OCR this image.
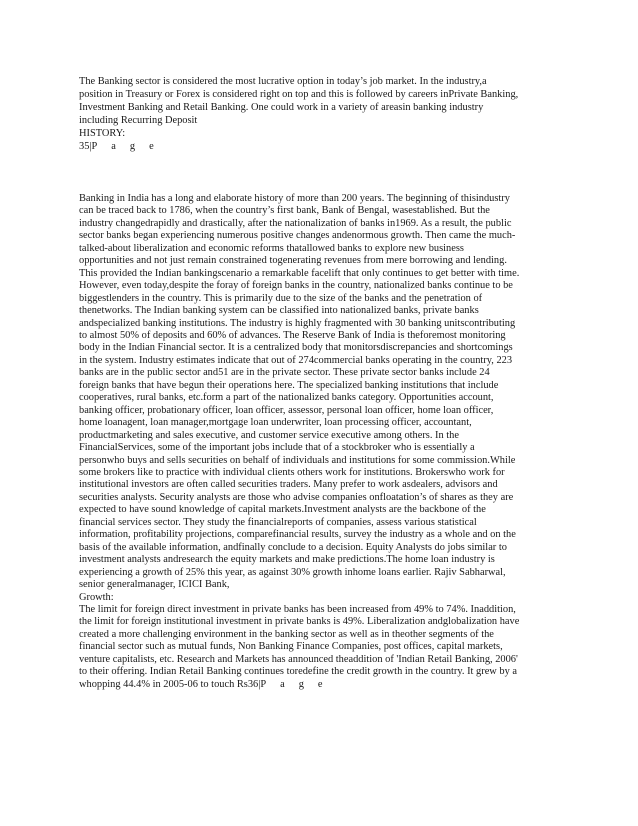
The Banking sector is considered the most lucrative option in today’s job market. In the industry,a
position in Treasury or Forex is considered right on top and this is followed by careers inPrivate Banking,
Investment Banking and Retail Banking. One could work in a variety of areasin banking industry
including Recurring Deposit
HISTORY:
35|P a g e
Banking in India has a long and elaborate history of more than 200 years. The beginning of thisindustry
can be traced back to 1786, when the country’s first bank, Bank of Bengal, wasestablished. But the
industry changedrapidly and drastically, after the nationalization of banks in1969. As a result, the public
sector banks began experiencing numerous positive changes andenormous growth. Then came the much-
talked-about liberalization and economic reforms thatallowed banks to explore new business
opportunities and not just remain constrained togenerating revenues from mere borrowing and lending.
This provided the Indian bankingscenario a remarkable facelift that only continues to get better with time.
However, even today,despite the foray of foreign banks in the country, nationalized banks continue to be
biggestlenders in the country. This is primarily due to the size of the banks and the penetration of
thenetworks. The Indian banking system can be classified into nationalized banks, private banks
andspecialized banking institutions. The industry is highly fragmented with 30 banking unitscontributing
to almost 50% of deposits and 60% of advances. The Reserve Bank of India is theforemost monitoring
body in the Indian Financial sector. It is a centralized body that monitorsdiscrepancies and shortcomings
in the system. Industry estimates indicate that out of 274commercial banks operating in the country, 223
banks are in the public sector and51 are in the private sector. These private sector banks include 24
foreign banks that have begun their operations here. The specialized banking institutions that include
cooperatives, rural banks, etc.form a part of the nationalized banks category. Opportunities account,
banking officer, probationary officer, loan officer, assessor, personal loan officer, home loan officer,
home loanagent, loan manager,mortgage loan underwriter, loan processing officer, accountant,
productmarketing and sales executive, and customer service executive among others. In the
FinancialServices, some of the important jobs include that of a stockbroker who is essentially a
personwho buys and sells securities on behalf of individuals and institutions for some commission.While
some brokers like to practice with individual clients others work for institutions. Brokerswho work for
institutional investors are often called securities traders. Many prefer to work asdealers, advisors and
securities analysts. Security analysts are those who advise companies onfloatation’s of shares as they are
expected to have sound knowledge of capital markets.Investment analysts are the backbone of the
financial services sector. They study the financialreports of companies, assess various statistical
information, profitability projections, comparefinancial results, survey the industry as a whole and on the
basis of the available information, andfinally conclude to a decision. Equity Analysts do jobs similar to
investment analysts andresearch the equity markets and make predictions.The home loan industry is
experiencing a growth of 25% this year, as against 30% growth inhome loans earlier. Rajiv Sabharwal,
senior generalmanager, ICICI Bank,
Growth:
The limit for foreign direct investment in private banks has been increased from 49% to 74%. Inaddition,
the limit for foreign institutional investment in private banks is 49%. Liberalization andglobalization have
created a more challenging environment in the banking sector as well as in theother segments of the
financial sector such as mutual funds, Non Banking Finance Companies, post offices, capital markets,
venture capitalists, etc. Research and Markets has announced theaddition of 'Indian Retail Banking, 2006'
to their offering. Indian Retail Banking continues toredefine the credit growth in the country. It grew by a
whopping 44.4% in 2005-06 to touch Rs36|P a g e
